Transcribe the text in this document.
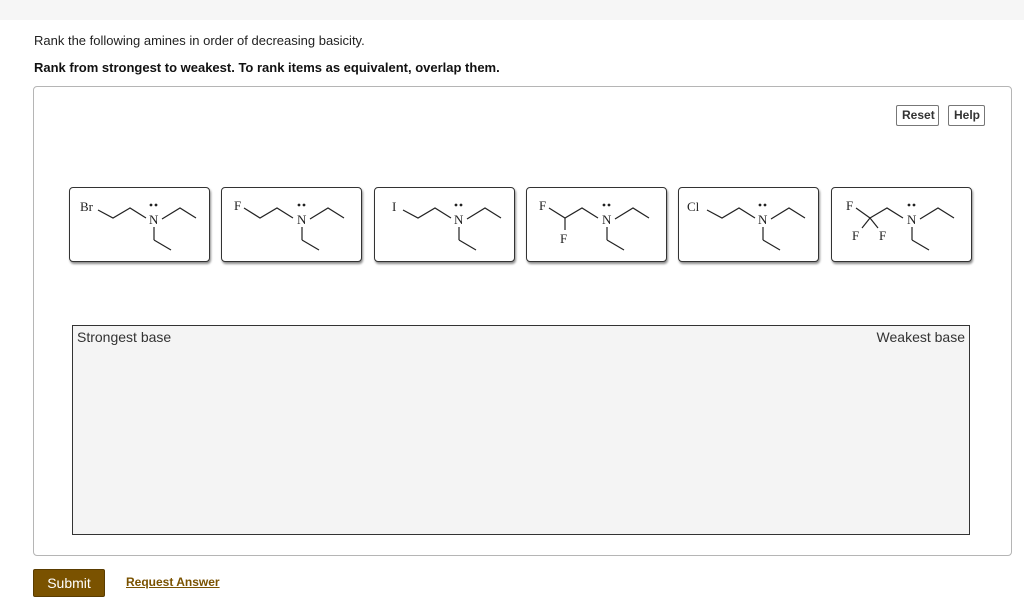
Rank the following amines in order of decreasing basicity.
Rank from strongest to weakest. To rank items as equivalent, overlap them.
Reset	Help
Br
N
F
N
I
N
F
F
N
Cl
N
F
F F
N
Strongest base	Weakest base
Submit	Request Answer
